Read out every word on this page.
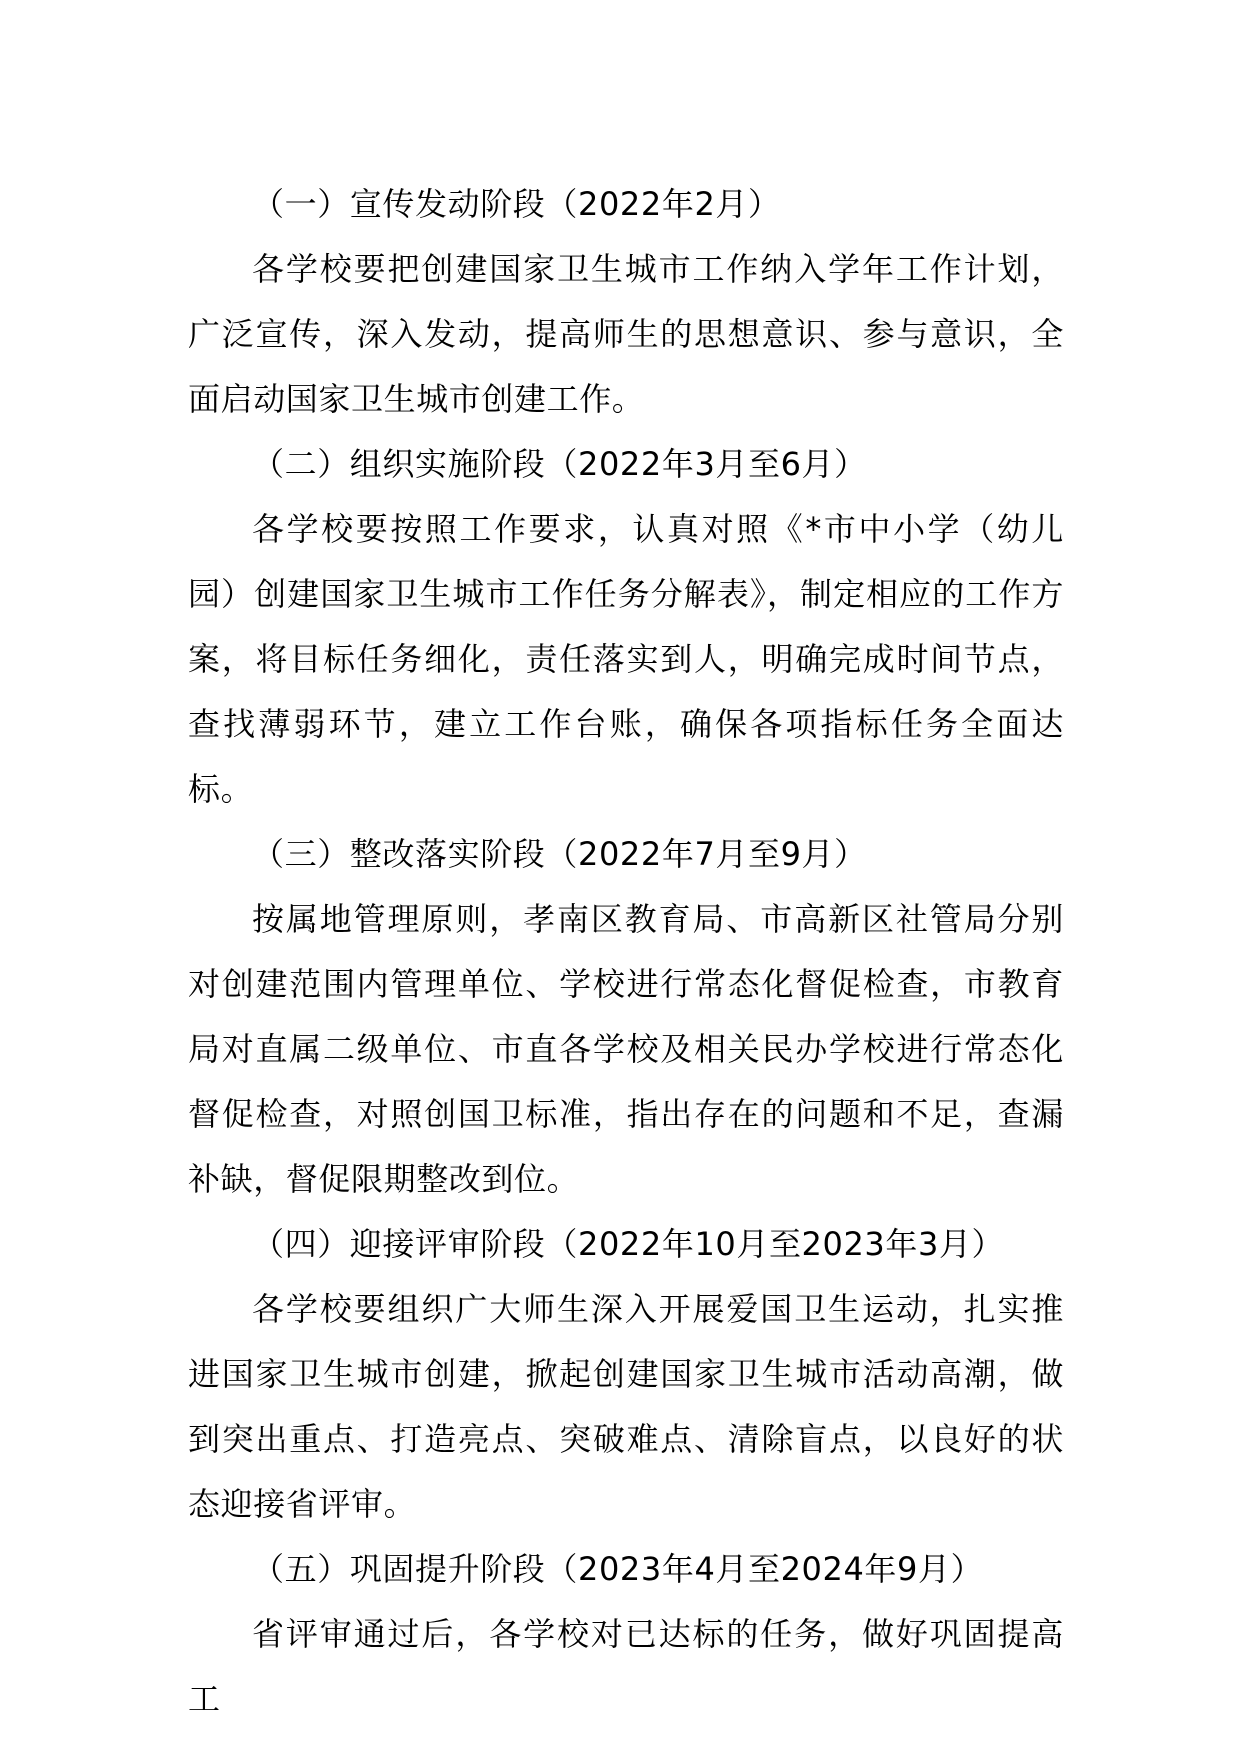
（一）宣传发动阶段（2022年2月）

各学校要把创建国家卫生城市工作纳入学年工作计划，广泛宣传，深入发动，提高师生的思想意识、参与意识，全面启动国家卫生城市创建工作。

（二）组织实施阶段（2022年3月至6月）

各学校要按照工作要求，认真对照《*市中小学（幼儿园）创建国家卫生城市工作任务分解表》，制定相应的工作方案，将目标任务细化，责任落实到人，明确完成时间节点，查找薄弱环节，建立工作台账，确保各项指标任务全面达标。

（三）整改落实阶段（2022年7月至9月）

按属地管理原则，孝南区教育局、市高新区社管局分别对创建范围内管理单位、学校进行常态化督促检查，市教育局对直属二级单位、市直各学校及相关民办学校进行常态化督促检查，对照创国卫标准，指出存在的问题和不足，查漏补缺，督促限期整改到位。

（四）迎接评审阶段（2022年10月至2023年3月）

各学校要组织广大师生深入开展爱国卫生运动，扎实推进国家卫生城市创建，掀起创建国家卫生城市活动高潮，做到突出重点、打造亮点、突破难点、清除盲点，以良好的状态迎接省评审。

（五）巩固提升阶段（2023年4月至2024年9月）

省评审通过后，各学校对已达标的任务，做好巩固提高工
